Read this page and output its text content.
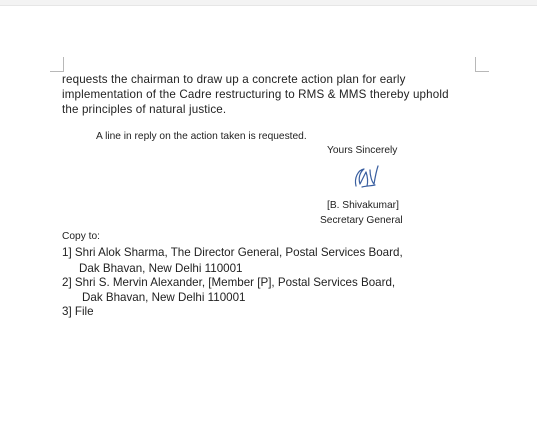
requests the chairman to draw up a concrete action plan for early
implementation of the Cadre restructuring to RMS & MMS thereby uphold
the principles of natural justice.

A line in reply on the action taken is requested.

Yours Sincerely

[B. Shivakumar]

Secretary General

Copy to:

1] Shri Alok Sharma, The Director General, Postal Services Board,
Dak Bhavan, New Delhi 110001
2] Shri S. Mervin Alexander, [Member [P], Postal Services Board,
Dak Bhavan, New Delhi 110001
3] File
